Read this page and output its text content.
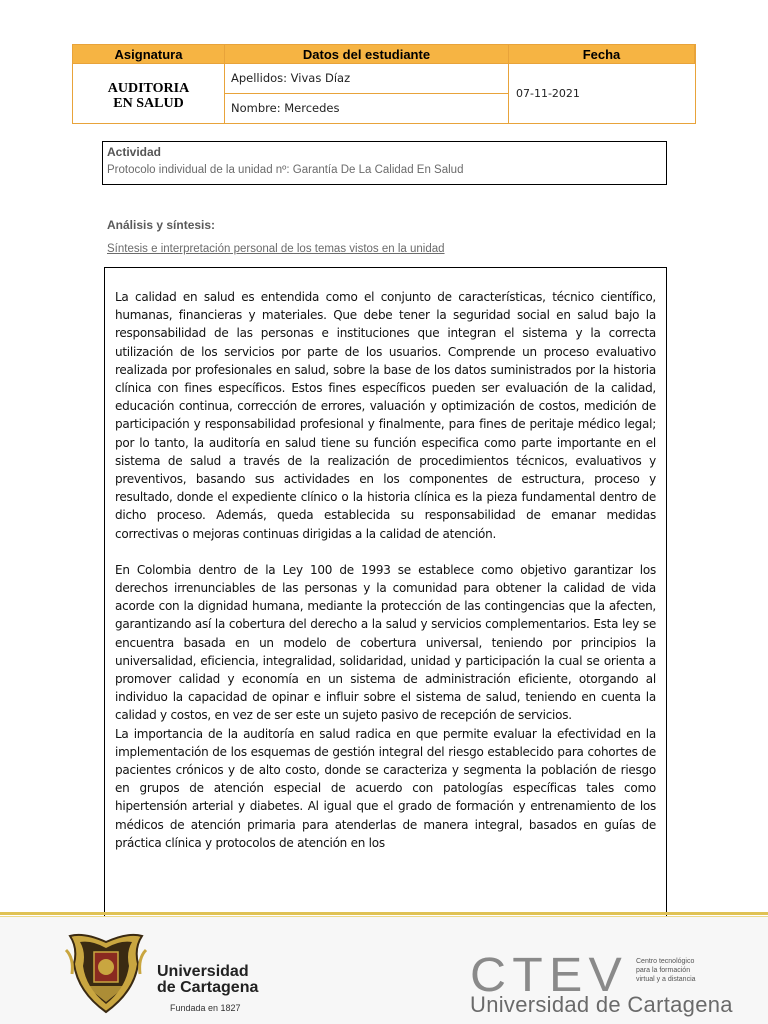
Asignatura	Datos del estudiante	Fecha
AUDITORIA EN SALUD
Apellidos: Vivas Díaz
Nombre: Mercedes
07-11-2021
Actividad
Protocolo individual de la unidad nº: Garantía De La Calidad En Salud
Análisis y síntesis:
Síntesis e interpretación personal de los temas vistos en la unidad

La calidad en salud es entendida como el conjunto de características, técnico científico, humanas, financieras y materiales. Que debe tener la seguridad social en salud bajo la responsabilidad de las personas e instituciones que integran el sistema y la correcta utilización de los servicios por parte de los usuarios. Comprende un proceso evaluativo realizada por profesionales en salud, sobre la base de los datos suministrados por la historia clínica con fines específicos. Estos fines específicos pueden ser evaluación de la calidad, educación continua, corrección de errores, valuación y optimización de costos, medición de participación y responsabilidad profesional y finalmente, para fines de peritaje médico legal; por lo tanto, la auditoría en salud tiene su función especifica como parte importante en el sistema de salud a través de la realización de procedimientos técnicos, evaluativos y preventivos, basando sus actividades en los componentes de estructura, proceso y resultado, donde el expediente clínico o la historia clínica es la pieza fundamental dentro de dicho proceso. Además, queda establecida su responsabilidad de emanar medidas correctivas o mejoras continuas dirigidas a la calidad de atención.

En Colombia dentro de la Ley 100 de 1993 se establece como objetivo garantizar los derechos irrenunciables de las personas y la comunidad para obtener la calidad de vida acorde con la dignidad humana, mediante la protección de las contingencias que la afecten, garantizando así la cobertura del derecho a la salud y servicios complementarios. Esta ley se encuentra basada en un modelo de cobertura universal, teniendo por principios la universalidad, eficiencia, integralidad, solidaridad, unidad y participación la cual se orienta a promover calidad y economía en un sistema de administración eficiente, otorgando al individuo la capacidad de opinar e influir sobre el sistema de salud, teniendo en cuenta la calidad y costos, en vez de ser este un sujeto pasivo de recepción de servicios.

La importancia de la auditoría en salud radica en que permite evaluar la efectividad en la implementación de los esquemas de gestión integral del riesgo establecido para cohortes de pacientes crónicos y de alto costo, donde se caracteriza y segmenta la población de riesgo en grupos de atención especial de acuerdo con patologías específicas tales como hipertensión arterial y diabetes. Al igual que el grado de formación y entrenamiento de los médicos de atención primaria para atenderlas de manera integral, basados en guías de práctica clínica y protocolos de atención en los

Universidad
de Cartagena
Fundada en 1827
CTEV Centro tecnológico
para la formación
virtual y a distancia
Universidad de Cartagena
